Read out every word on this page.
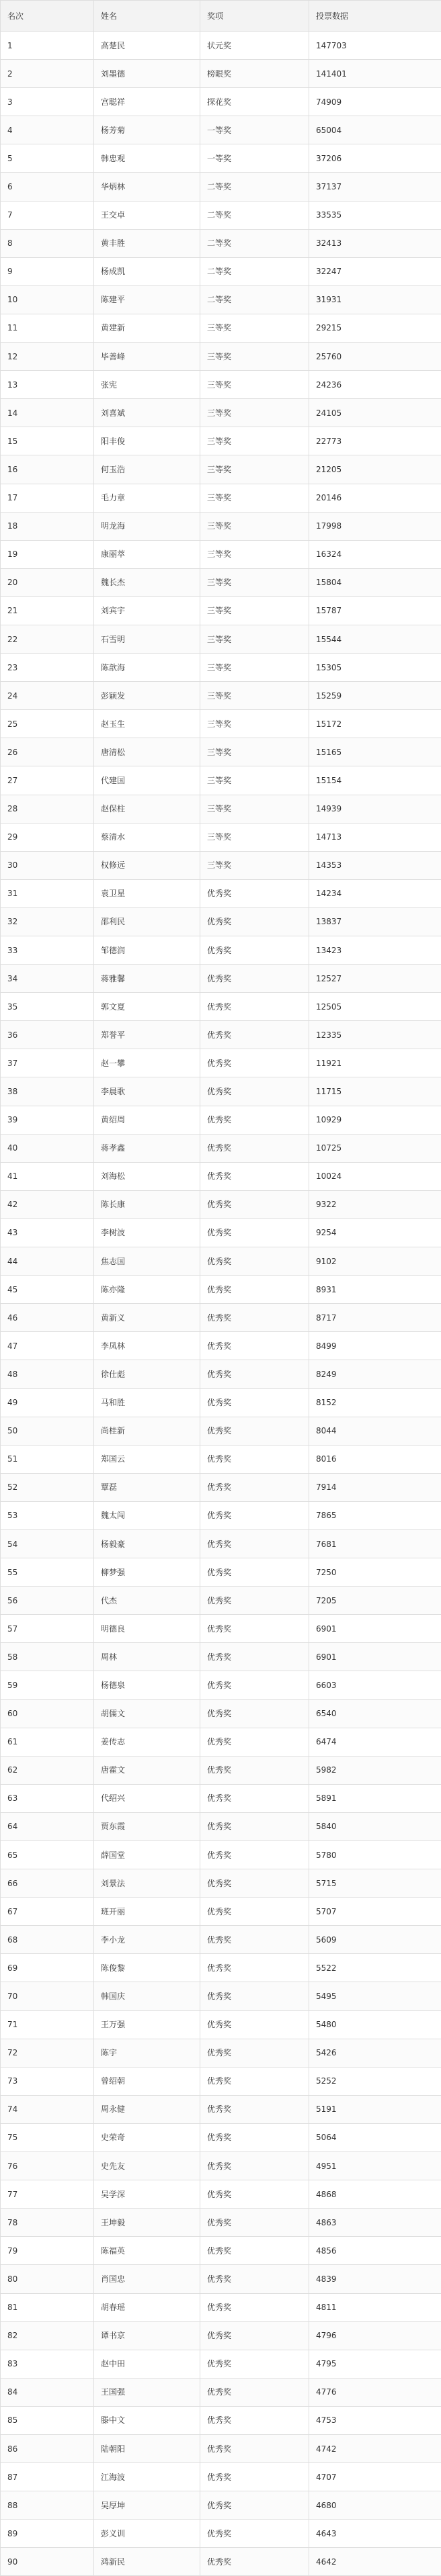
名次	姓名	奖项	投票数据
1	高楚民	状元奖	147703
2	刘墨德	榜眼奖	141401
3	宫聪祥	探花奖	74909
4	杨芳菊	一等奖	65004
5	韩忠观	一等奖	37206
6	华炳林	二等奖	37137
7	王交卓	二等奖	33535
8	黄丰胜	二等奖	32413
9	杨成凯	二等奖	32247
10	陈建平	二等奖	31931
11	黄建新	三等奖	29215
12	毕善峰	三等奖	25760
13	张宪	三等奖	24236
14	刘喜斌	三等奖	24105
15	阳丰俊	三等奖	22773
16	何玉浩	三等奖	21205
17	毛力章	三等奖	20146
18	明龙海	三等奖	17998
19	康丽萃	三等奖	16324
20	魏长杰	三等奖	15804
21	刘宾宇	三等奖	15787
22	石雪明	三等奖	15544
23	陈歆海	三等奖	15305
24	彭颖发	三等奖	15259
25	赵玉生	三等奖	15172
26	唐清松	三等奖	15165
27	代建国	三等奖	15154
28	赵保柱	三等奖	14939
29	蔡清水	三等奖	14713
30	权修远	三等奖	14353
31	袁卫星	优秀奖	14234
32	邵利民	优秀奖	13837
33	邹德润	优秀奖	13423
34	蒋雅馨	优秀奖	12527
35	郭文夏	优秀奖	12505
36	郑誉平	优秀奖	12335
37	赵一攀	优秀奖	11921
38	李晨歌	优秀奖	11715
39	黄绍周	优秀奖	10929
40	蒋孝鑫	优秀奖	10725
41	刘海松	优秀奖	10024
42	陈长康	优秀奖	9322
43	李树波	优秀奖	9254
44	焦志国	优秀奖	9102
45	陈亦隆	优秀奖	8931
46	黄新义	优秀奖	8717
47	李凤林	优秀奖	8499
48	徐仕彪	优秀奖	8249
49	马和胜	优秀奖	8152
50	尚桂新	优秀奖	8044
51	郑国云	优秀奖	8016
52	覃磊	优秀奖	7914
53	魏太闯	优秀奖	7865
54	杨毅豪	优秀奖	7681
55	柳梦强	优秀奖	7250
56	代杰	优秀奖	7205
57	明德良	优秀奖	6901
58	周林	优秀奖	6901
59	杨德泉	优秀奖	6603
60	胡儒文	优秀奖	6540
61	姜传志	优秀奖	6474
62	唐霍文	优秀奖	5982
63	代绍兴	优秀奖	5891
64	贾东霞	优秀奖	5840
65	薛国堂	优秀奖	5780
66	刘景法	优秀奖	5715
67	班开丽	优秀奖	5707
68	李小龙	优秀奖	5609
69	陈俊黎	优秀奖	5522
70	韩国庆	优秀奖	5495
71	王万强	优秀奖	5480
72	陈宇	优秀奖	5426
73	曾绍朝	优秀奖	5252
74	周永健	优秀奖	5191
75	史荣奇	优秀奖	5064
76	史先友	优秀奖	4951
77	吴学深	优秀奖	4868
78	王坤毅	优秀奖	4863
79	陈福英	优秀奖	4856
80	肖国忠	优秀奖	4839
81	胡春瑶	优秀奖	4811
82	谭书京	优秀奖	4796
83	赵中田	优秀奖	4795
84	王国强	优秀奖	4776
85	滕中文	优秀奖	4753
86	陆朝阳	优秀奖	4742
87	江海波	优秀奖	4707
88	吴厚坤	优秀奖	4680
89	彭义训	优秀奖	4643
90	鸿新民	优秀奖	4642
